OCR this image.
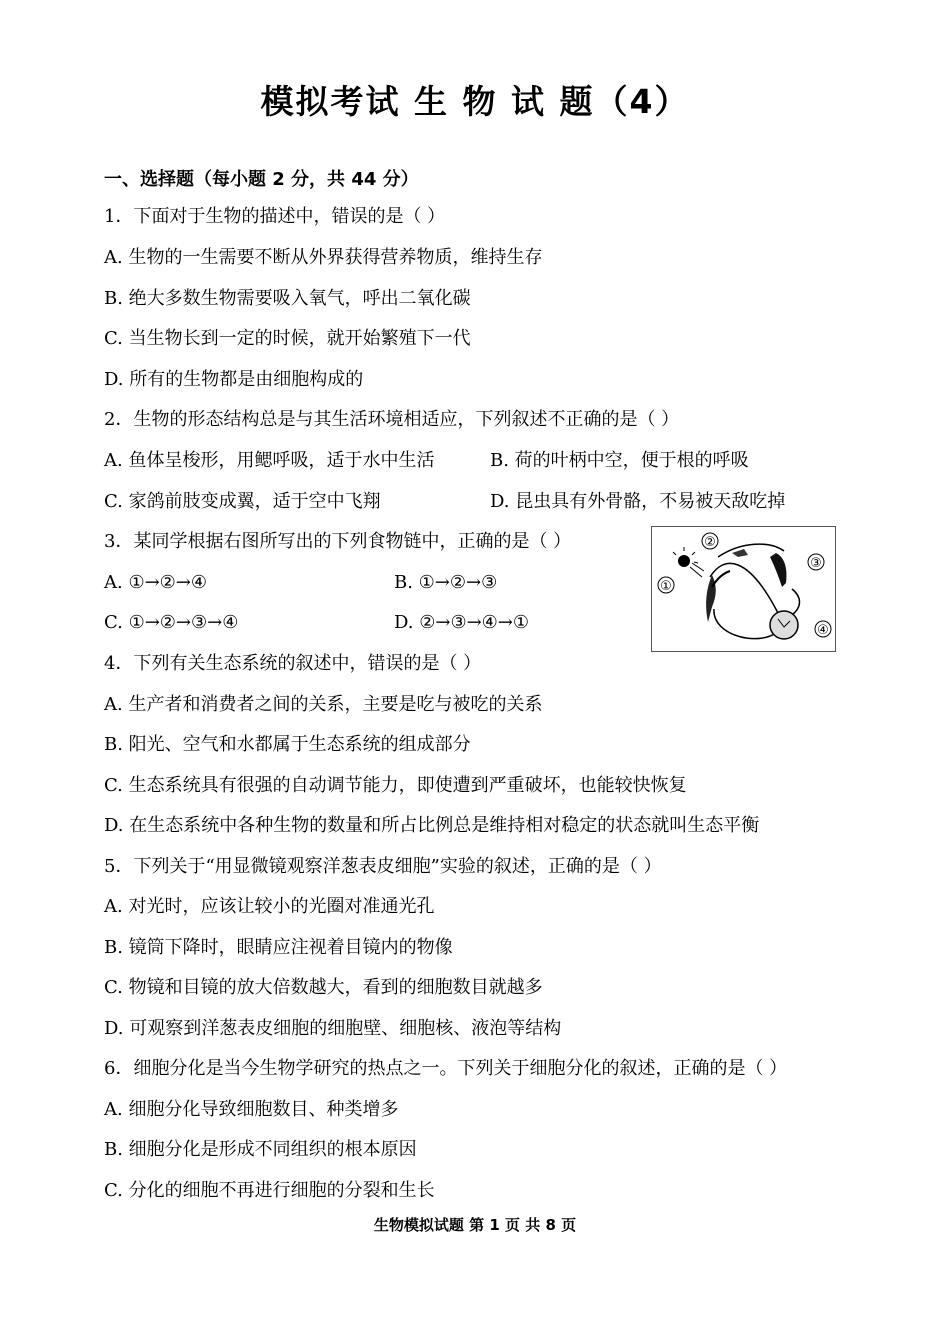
模拟考试 生 物 试 题（4）
一、选择题（每小题 2 分，共 44 分）
1．下面对于生物的描述中，错误的是（ ）
A. 生物的一生需要不断从外界获得营养物质，维持生存
B. 绝大多数生物需要吸入氧气，呼出二氧化碳
C. 当生物长到一定的时候，就开始繁殖下一代
D. 所有的生物都是由细胞构成的
2．生物的形态结构总是与其生活环境相适应，下列叙述不正确的是（ ）
A. 鱼体呈梭形，用鳃呼吸，适于水中生活	B. 荷的叶柄中空，便于根的呼吸
C. 家鸽前肢变成翼，适于空中飞翔	D. 昆虫具有外骨骼，不易被天敌吃掉
3．某同学根据右图所写出的下列食物链中，正确的是（ ）
A. ①→②→④	B. ①→②→③
C. ①→②→③→④	D. ②→③→④→①
①
②
③
④
4．下列有关生态系统的叙述中，错误的是（ ）
A. 生产者和消费者之间的关系，主要是吃与被吃的关系
B. 阳光、空气和水都属于生态系统的组成部分
C. 生态系统具有很强的自动调节能力，即使遭到严重破坏，也能较快恢复
D. 在生态系统中各种生物的数量和所占比例总是维持相对稳定的状态就叫生态平衡
5．下列关于“用显微镜观察洋葱表皮细胞”实验的叙述，正确的是（ ）
A. 对光时，应该让较小的光圈对准通光孔
B. 镜筒下降时，眼睛应注视着目镜内的物像
C. 物镜和目镜的放大倍数越大，看到的细胞数目就越多
D. 可观察到洋葱表皮细胞的细胞壁、细胞核、液泡等结构
6．细胞分化是当今生物学研究的热点之一。下列关于细胞分化的叙述，正确的是（ ）
A. 细胞分化导致细胞数目、种类增多
B. 细胞分化是形成不同组织的根本原因
C. 分化的细胞不再进行细胞的分裂和生长
生物模拟试题 第 1 页 共 8 页
